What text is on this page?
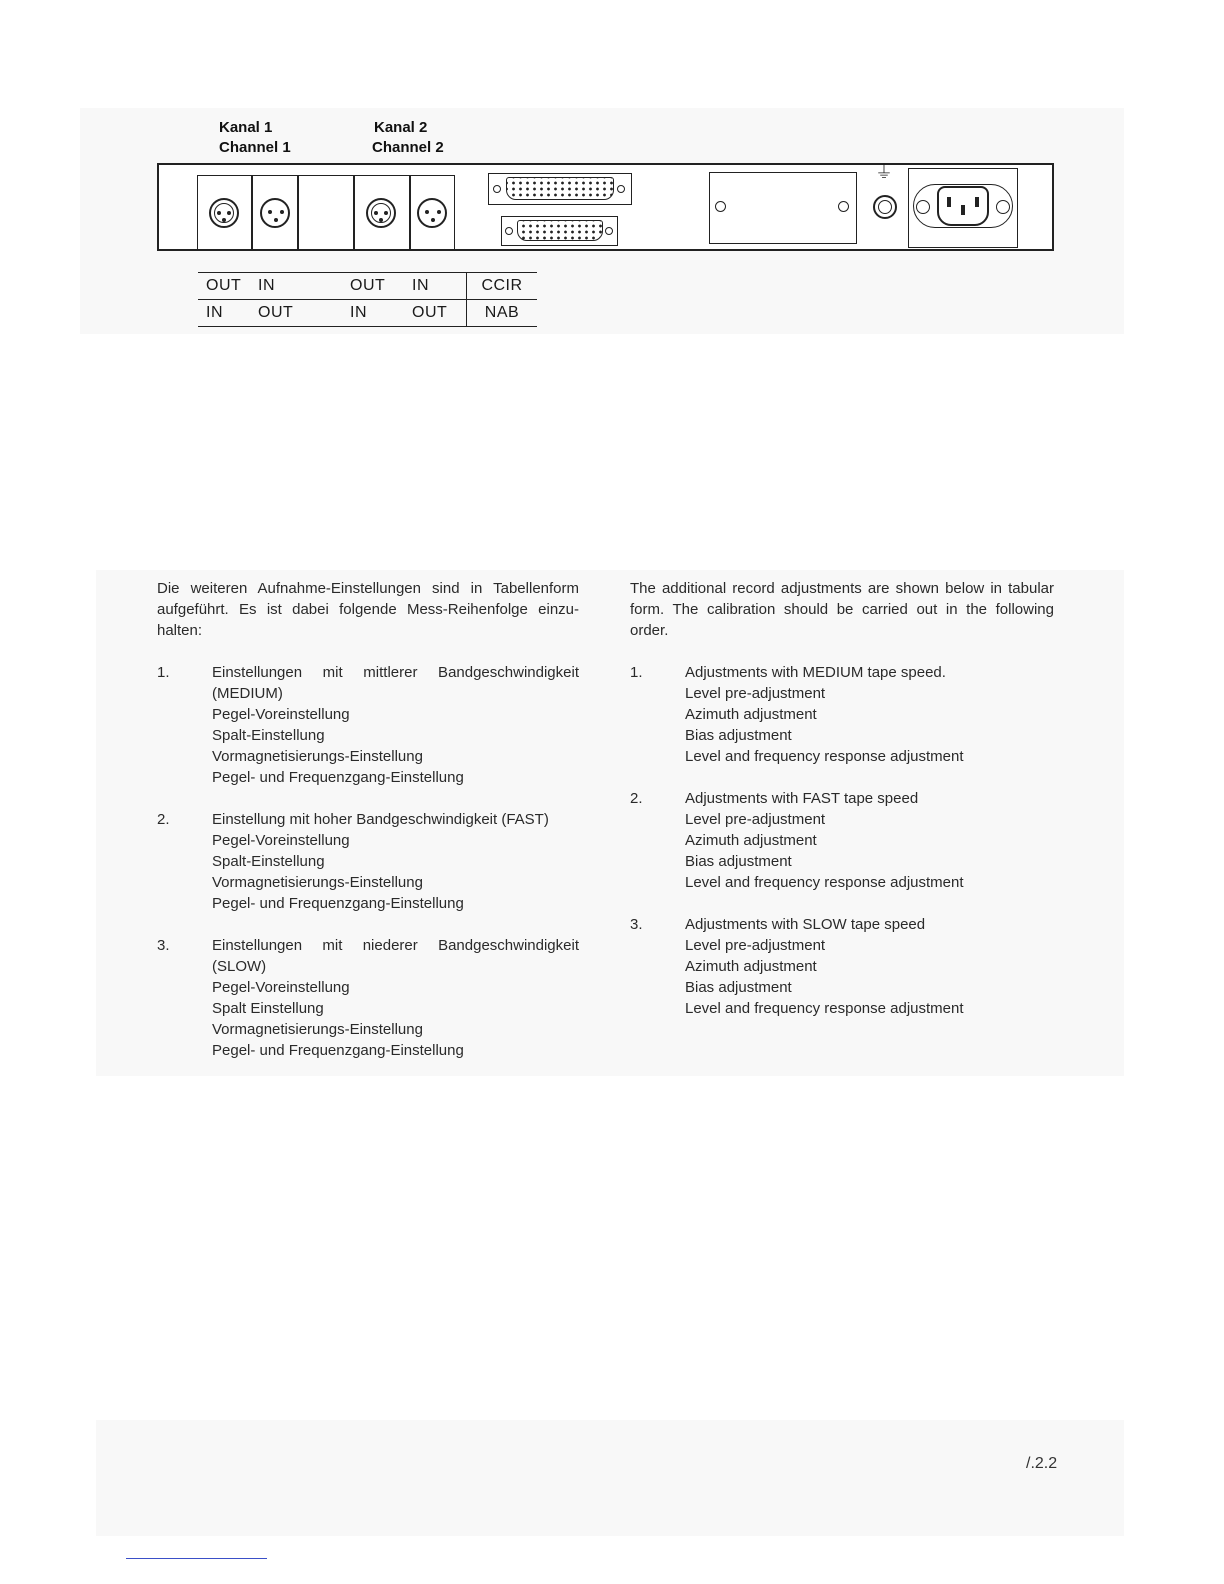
Kanal 1
Channel 1
Kanal 2
Channel 2
⏚
OUT	IN	OUT	IN	CCIR
IN	OUT	IN	OUT	NAB
Die weiteren Aufnahme-Einstellungen sind in Tabellenform aufgeführt. Es ist dabei folgende Mess-Reihenfolge einzu- halten:
1.	Einstellungen mit mittlerer Bandgeschwindigkeit (MEDIUM)
Pegel-Voreinstellung
Spalt-Einstellung
Vormagnetisierungs-Einstellung
Pegel- und Frequenzgang-Einstellung
2.	Einstellung mit hoher Bandgeschwindigkeit (FAST)
Pegel-Voreinstellung
Spalt-Einstellung
Vormagnetisierungs-Einstellung
Pegel- und Frequenzgang-Einstellung
3.	Einstellungen mit niederer Bandgeschwindigkeit (SLOW)
Pegel-Voreinstellung
Spalt Einstellung
Vormagnetisierungs-Einstellung
Pegel- und Frequenzgang-Einstellung
The additional record adjustments are shown below in tabular form. The calibration should be carried out in the following order.
1.	Adjustments with MEDIUM tape speed.
Level pre-adjustment
Azimuth adjustment
Bias adjustment
Level and frequency response adjustment
2.	Adjustments with FAST tape speed
Level pre-adjustment
Azimuth adjustment
Bias adjustment
Level and frequency response adjustment
3.	Adjustments with SLOW tape speed
Level pre-adjustment
Azimuth adjustment
Bias adjustment
Level and frequency response adjustment
/.2.2
